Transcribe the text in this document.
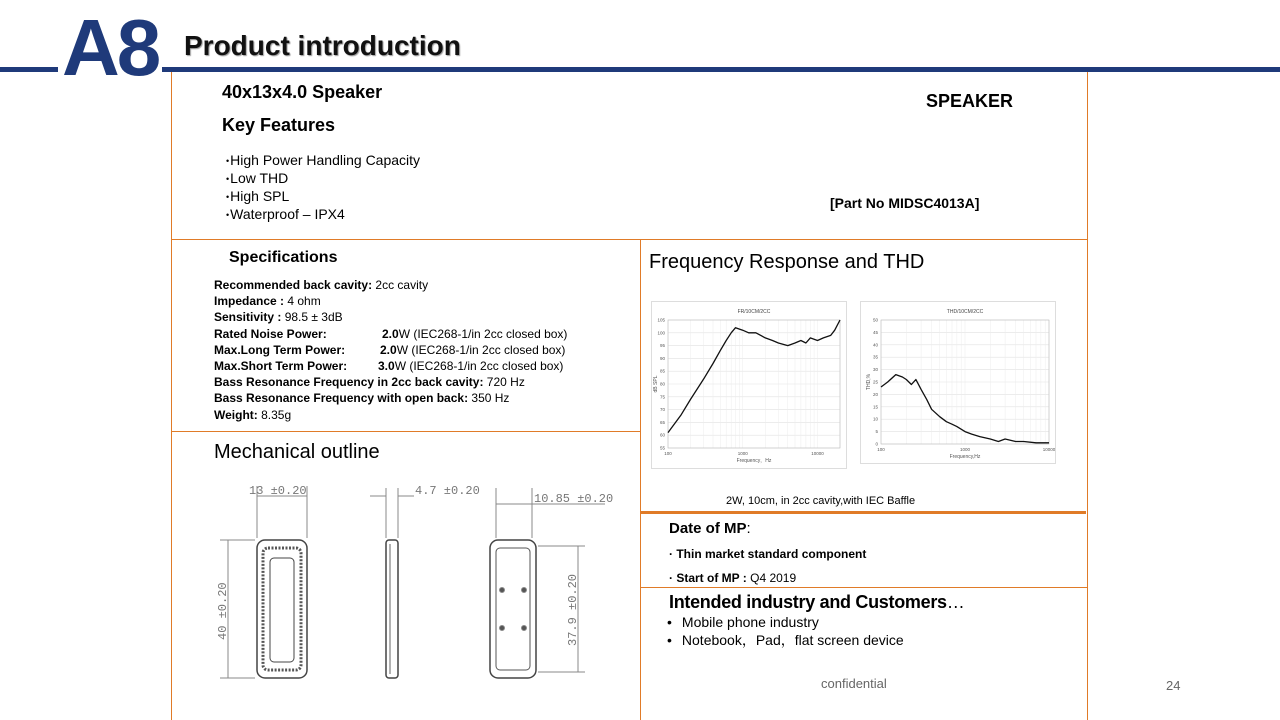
A8 Product introduction
40x13x4.0 Speaker
Key Features
• High Power Handling Capacity
• Low THD
• High SPL
• Waterproof – IPX4
SPEAKER
[Part No MIDSC4013A]
Specifications
Recommended back cavity: 2cc cavity
Impedance : 4 ohm
Sensitivity : 98.5 ± 3dB
Rated Noise Power:	2.0W (IEC268-1/in 2cc closed box)
Max.Long Term Power:	2.0W (IEC268-1/in 2cc closed box)
Max.Short Term Power:	3.0W (IEC268-1/in 2cc closed box)
Bass Resonance Frequency in 2cc back cavity: 720 Hz
Bass Resonance Frequency with open back: 350 Hz
Weight: 8.35g
Mechanical outline
13 ±0.20	4.7 ±0.20
10.85 ±0.20
40 ±0.20	37.9 ±0.20
Frequency Response and THD
FR/10CM/2CC
55
60
65
70
75
80
85
90
95
100
105
100	1000	10000
Frequency，Hz
dB SPL
THD/10CM/2CC
0
5
10
15
20
25
30
35
40
45
50
100	1000	10000
Frequency,Hz
THD,%
2W, 10cm, in 2cc cavity,with IEC Baffle
Date of MP:
· Thin market standard component
· Start of MP : Q4 2019
Intended industry and Customers…
• Mobile phone industry
• Notebook，Pad，flat screen device
confidential	24
